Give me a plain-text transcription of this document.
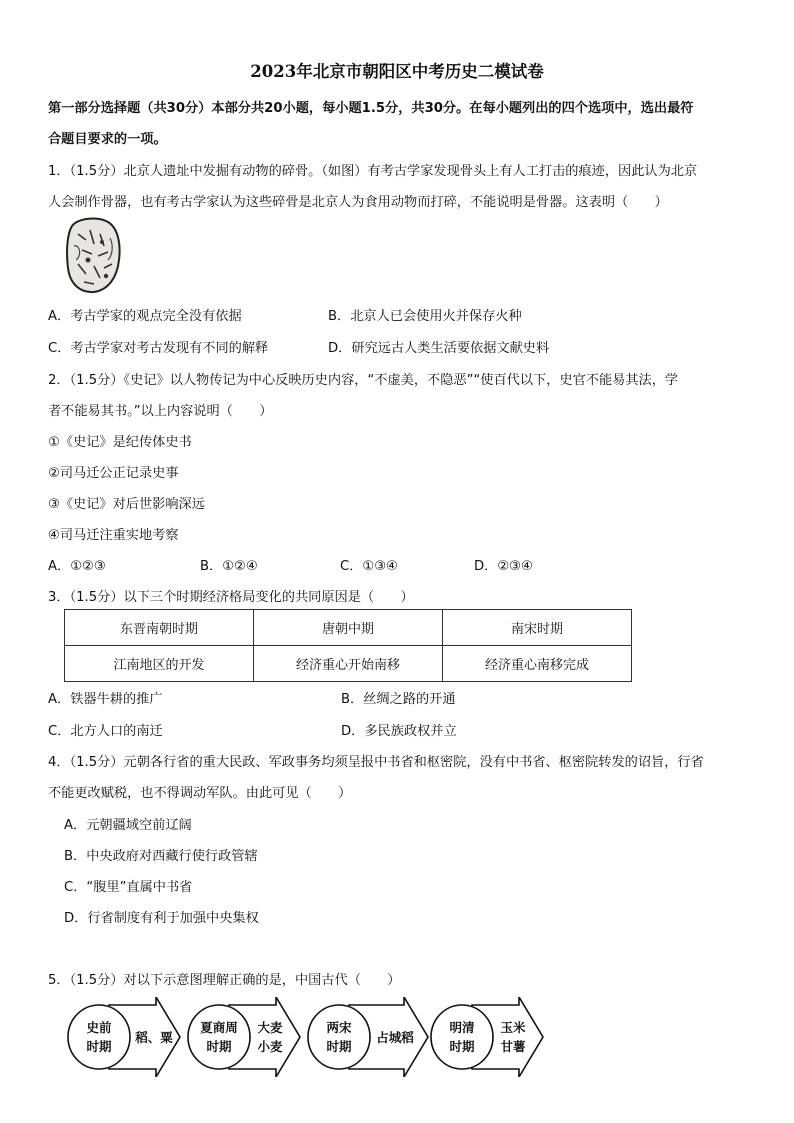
2023年北京市朝阳区中考历史二模试卷
第一部分选择题（共30分）本部分共20小题，每小题1.5分，共30分。在每小题列出的四个选项中，选出最符
合题目要求的一项。
1．（1.5分）北京人遗址中发掘有动物的碎骨。（如图）有考古学家发现骨头上有人工打击的痕迹，因此认为北京
人会制作骨器，也有考古学家认为这些碎骨是北京人为食用动物而打碎，不能说明是骨器。这表明（　　）
A．考古学家的观点完全没有依据	B．北京人已会使用火并保存火种
C．考古学家对考古发现有不同的解释	D．研究远古人类生活要依据文献史料
2．（1.5分）《史记》以人物传记为中心反映历史内容，“不虚美，不隐恶”“使百代以下，史官不能易其法，学
者不能易其书。”以上内容说明（　　）
①《史记》是纪传体史书
②司马迁公正记录史事
③《史记》对后世影响深远
④司马迁注重实地考察
A．①②③	B．①②④	C．①③④	D．②③④
3．（1.5分）以下三个时期经济格局变化的共同原因是（　　）
东晋南朝时期	唐朝中期	南宋时期
江南地区的开发	经济重心开始南移	经济重心南移完成
A．铁器牛耕的推广	B．丝绸之路的开通
C．北方人口的南迁	D．多民族政权并立
4．（1.5分）元朝各行省的重大民政、军政事务均须呈报中书省和枢密院，没有中书省、枢密院转发的诏旨，行省
不能更改赋税，也不得调动军队。由此可见（　　）
A．元朝疆域空前辽阔
B．中央政府对西藏行使行政管辖
C．“腹里”直属中书省
D．行省制度有利于加强中央集权
5．（1.5分）对以下示意图理解正确的是，中国古代（　　）
史前
时期
稻、粟
夏商周
时期
大麦
小麦
两宋
时期
占城稻
明清
时期
玉米
甘薯
